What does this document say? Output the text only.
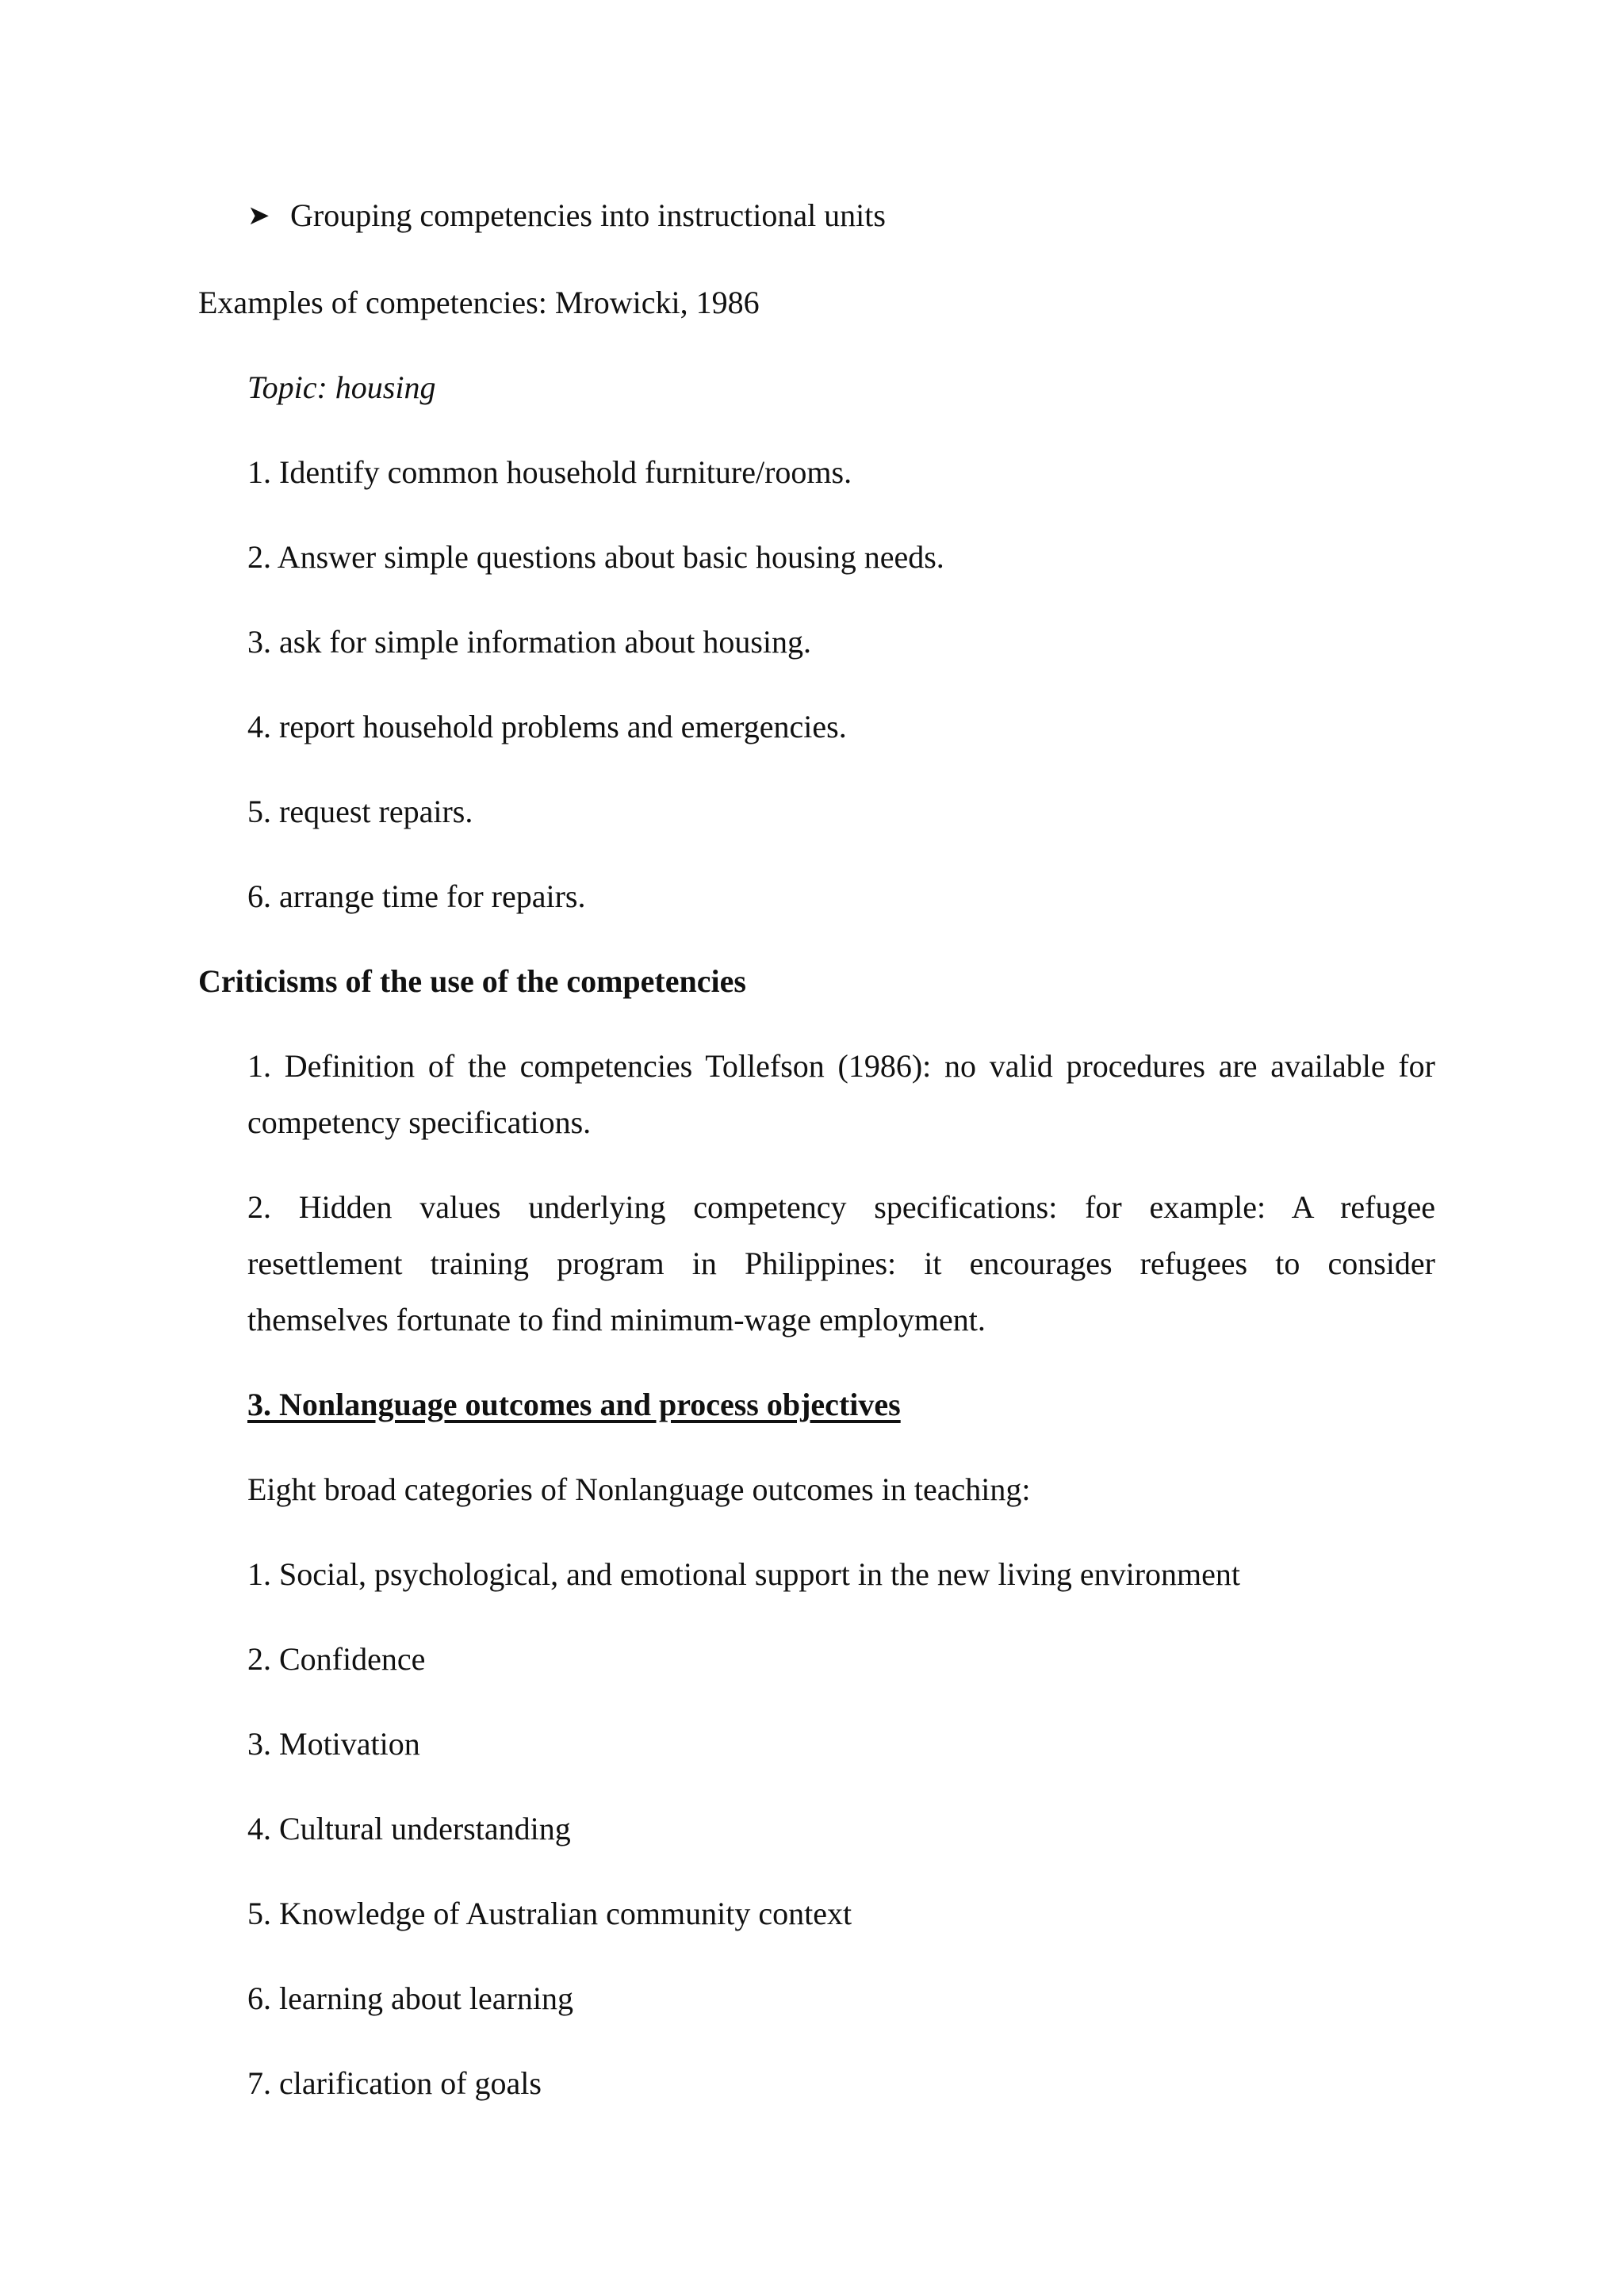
➤ Grouping competencies into instructional units
Examples of competencies: Mrowicki, 1986
Topic: housing
1. Identify common household furniture/rooms.
2. Answer simple questions about basic housing needs.
3. ask for simple information about housing.
4. report household problems and emergencies.
5. request repairs.
6. arrange time for repairs.
Criticisms of the use of the competencies
1. Definition of the competencies Tollefson (1986): no valid procedures are available for
competency specifications.
2. Hidden values underlying competency specifications: for example: A refugee
resettlement training program in Philippines: it encourages refugees to consider
themselves fortunate to find minimum-wage employment.
3. Nonlanguage outcomes and process objectives
Eight broad categories of Nonlanguage outcomes in teaching:
1. Social, psychological, and emotional support in the new living environment
2. Confidence
3. Motivation
4. Cultural understanding
5. Knowledge of Australian community context
6. learning about learning
7. clarification of goals
